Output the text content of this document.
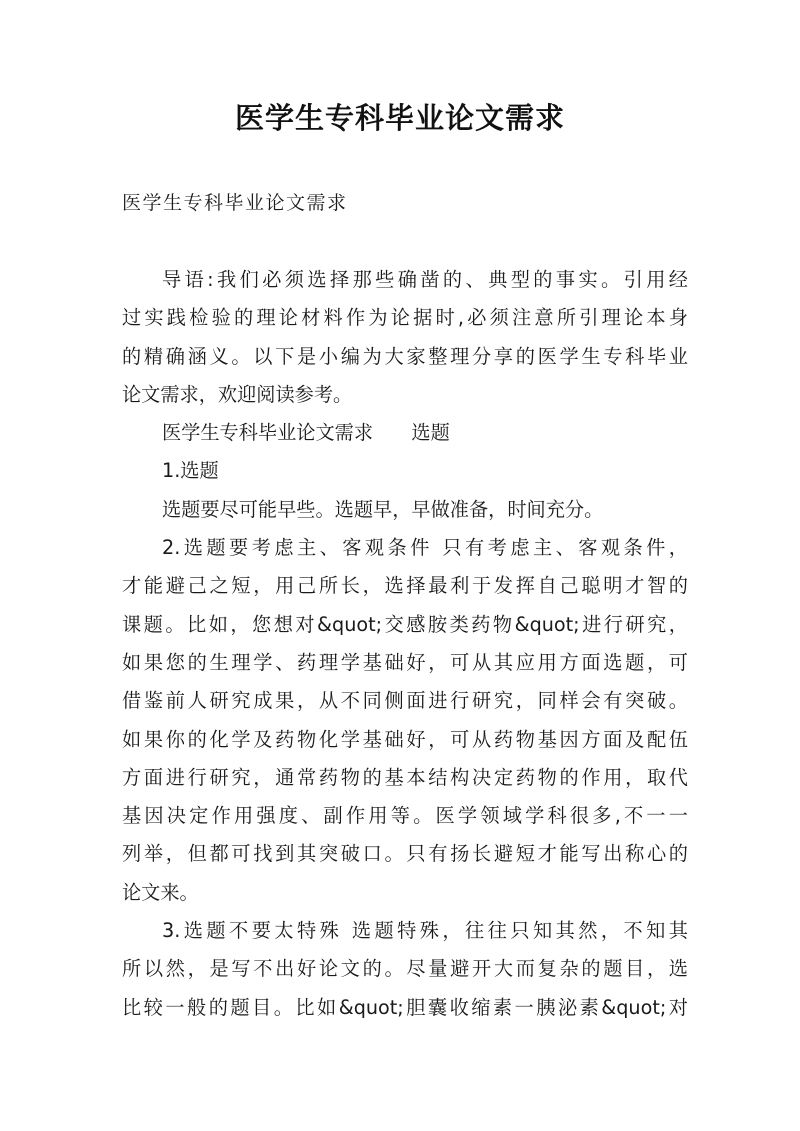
医学生专科毕业论文需求

医学生专科毕业论文需求

导语:我们必须选择那些确凿的、典型的事实。引用经
过实践检验的理论材料作为论据时,必须注意所引理论本身
的精确涵义。以下是小编为大家整理分享的医学生专科毕业
论文需求，欢迎阅读参考。
医学生专科毕业论文需求　　选题
1.选题
选题要尽可能早些。选题早，早做准备，时间充分。
2.选题要考虑主、客观条件 只有考虑主、客观条件，
才能避己之短，用己所长，选择最利于发挥自己聪明才智的
课题。比如，您想对&quot;交感胺类药物&quot;进行研究，
如果您的生理学、药理学基础好，可从其应用方面选题，可
借鉴前人研究成果，从不同侧面进行研究，同样会有突破。
如果你的化学及药物化学基础好，可从药物基因方面及配伍
方面进行研究，通常药物的基本结构决定药物的作用，取代
基因决定作用强度、副作用等。医学领域学科很多,不一一
列举，但都可找到其突破口。只有扬长避短才能写出称心的
论文来。
3.选题不要太特殊 选题特殊，往往只知其然，不知其
所以然，是写不出好论文的。尽量避开大而复杂的题目，选
比较一般的题目。比如&quot;胆囊收缩素一胰泌素&quot;对
